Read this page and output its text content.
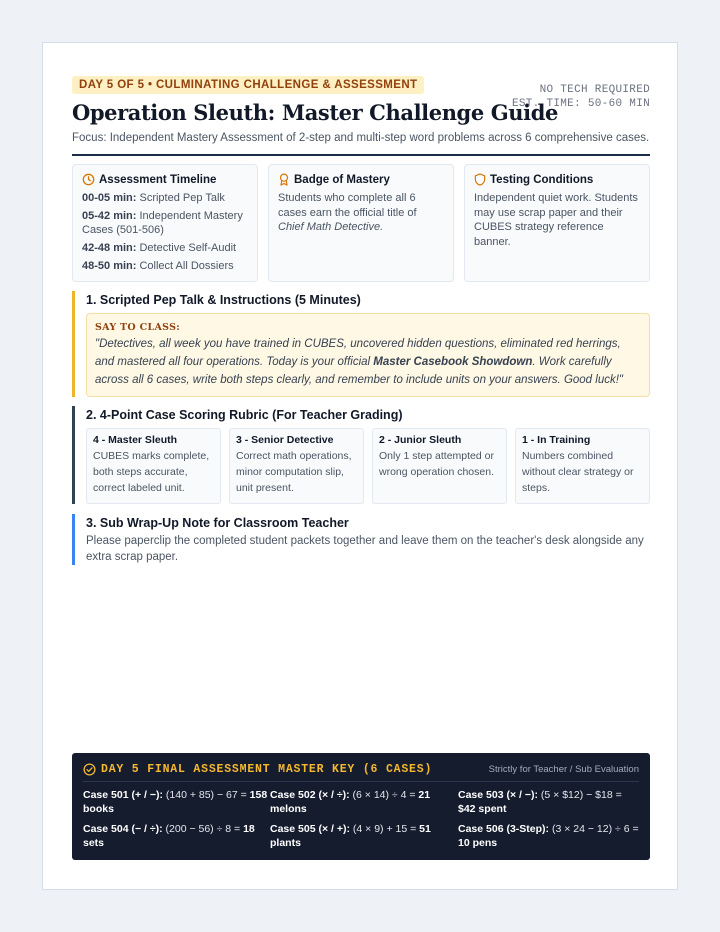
DAY 5 OF 5 • CULMINATING CHALLENGE & ASSESSMENT	NO TECH REQUIRED
EST. TIME: 50-60 MIN
Operation Sleuth: Master Challenge Guide
Focus: Independent Mastery Assessment of 2-step and multi-step word problems across 6 comprehensive cases.
Assessment Timeline
00-05 min: Scripted Pep Talk
05-42 min: Independent Mastery Cases (501-506)
42-48 min: Detective Self-Audit
48-50 min: Collect All Dossiers
Badge of Mastery

Students who complete all 6 cases earn the official title of Chief Math Detective.

Testing Conditions

Independent quiet work. Students may use scrap paper and their CUBES strategy reference banner.

1. Scripted Pep Talk & Instructions (5 Minutes)
SAY TO CLASS:
"Detectives, all week you have trained in CUBES, uncovered hidden questions, eliminated red herrings, and mastered all four operations. Today is your official Master Casebook Showdown. Work carefully across all 6 cases, write both steps clearly, and remember to include units on your answers. Good luck!"
2. 4-Point Case Scoring Rubric (For Teacher Grading)
4 - Master Sleuth

CUBES marks complete, both steps accurate, correct labeled unit.

3 - Senior Detective

Correct math operations, minor computation slip, unit present.

2 - Junior Sleuth

Only 1 step attempted or wrong operation chosen.

1 - In Training

Numbers combined without clear strategy or steps.

3. Sub Wrap-Up Note for Classroom Teacher
Please paperclip the completed student packets together and leave them on the teacher's desk alongside any extra scrap paper.
DAY 5 FINAL ASSESSMENT MASTER KEY (6 CASES)	Strictly for Teacher / Sub Evaluation
Case 501 (+ / −): (140 + 85) − 67 = 158 books
Case 502 (× / ÷): (6 × 14) ÷ 4 = 21 melons
Case 503 (× / −): (5 × $12) − $18 = $42 spent
Case 504 (− / ÷): (200 − 56) ÷ 8 = 18 sets
Case 505 (× / +): (4 × 9) + 15 = 51 plants
Case 506 (3-Step): (3 × 24 − 12) ÷ 6 = 10 pens
